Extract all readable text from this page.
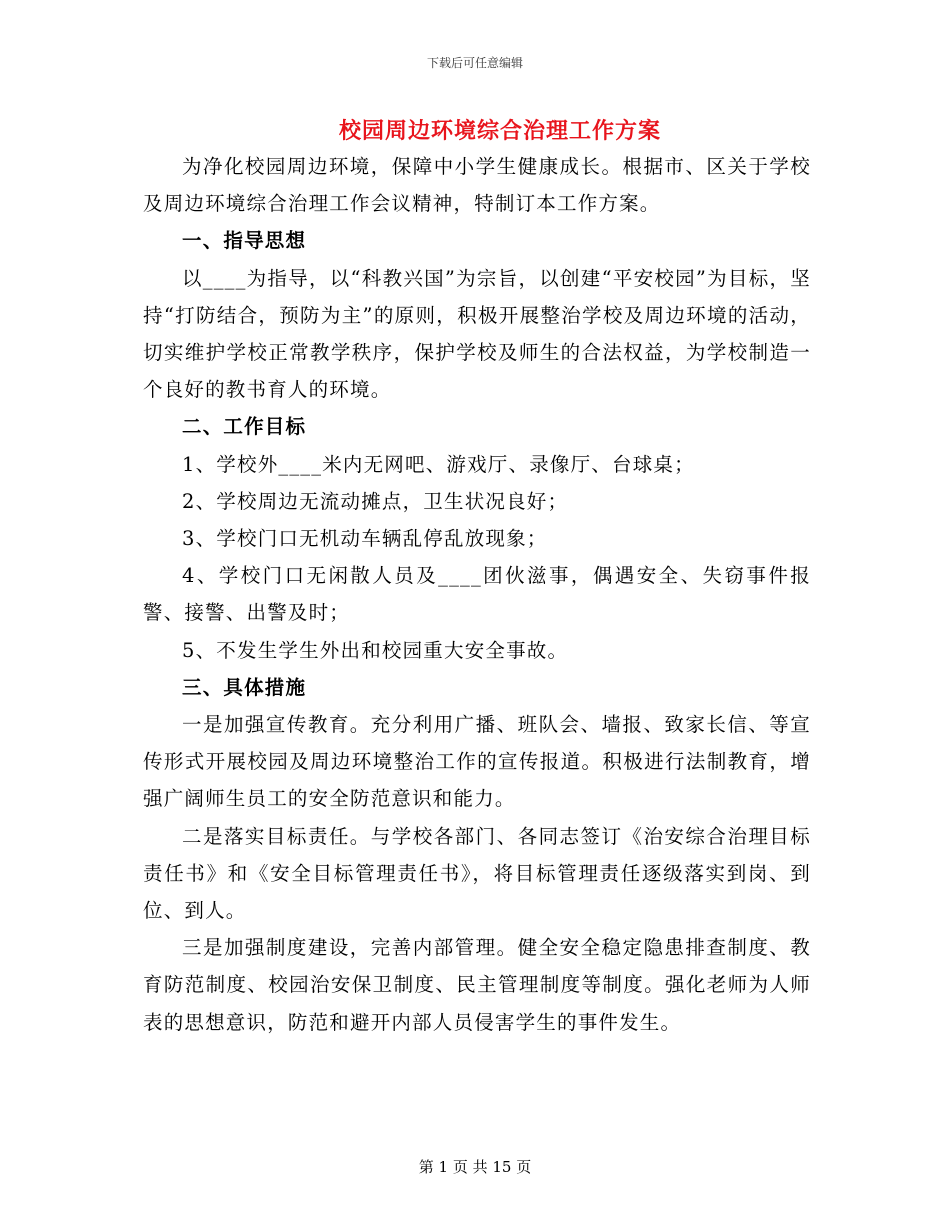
下载后可任意编辑
校园周边环境综合治理工作方案

为净化校园周边环境，保障中小学生健康成长。根据市、区关于学校及周边环境综合治理工作会议精神，特制订本工作方案。

一、指导思想

以____为指导，以“科教兴国”为宗旨，以创建“平安校园”为目标，坚持“打防结合，预防为主”的原则，积极开展整治学校及周边环境的活动，切实维护学校正常教学秩序，保护学校及师生的合法权益，为学校制造一个良好的教书育人的环境。

二、工作目标

1、学校外____米内无网吧、游戏厅、录像厅、台球桌；

2、学校周边无流动摊点，卫生状况良好；

3、学校门口无机动车辆乱停乱放现象；

4、学校门口无闲散人员及____团伙滋事，偶遇安全、失窃事件报警、接警、出警及时；

5、不发生学生外出和校园重大安全事故。

三、具体措施

一是加强宣传教育。充分利用广播、班队会、墙报、致家长信、等宣传形式开展校园及周边环境整治工作的宣传报道。积极进行法制教育，增强广阔师生员工的安全防范意识和能力。

二是落实目标责任。与学校各部门、各同志签订《治安综合治理目标责任书》和《安全目标管理责任书》，将目标管理责任逐级落实到岗、到位、到人。

三是加强制度建设，完善内部管理。健全安全稳定隐患排查制度、教育防范制度、校园治安保卫制度、民主管理制度等制度。强化老师为人师表的思想意识，防范和避开内部人员侵害学生的事件发生。

第 1 页 共 15 页
